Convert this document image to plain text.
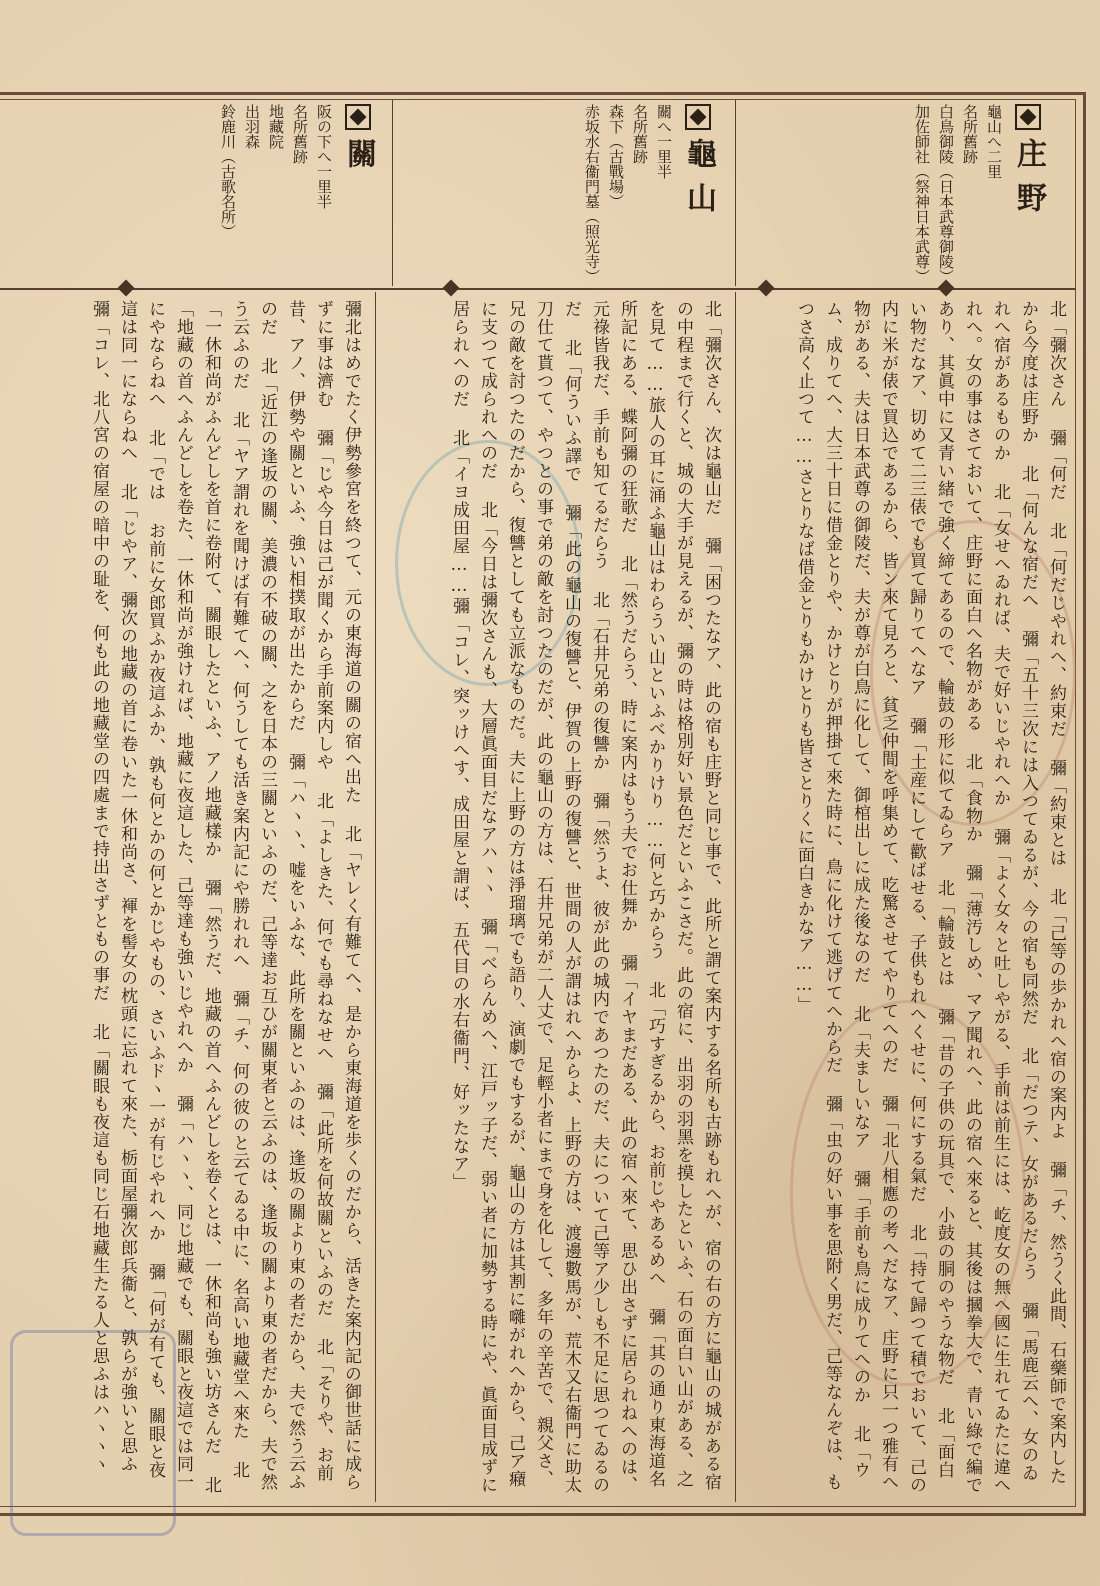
庄野
龜山へ二里
名所舊跡
白鳥御陵（日本武尊御陵）
加佐師社（祭神日本武尊）
龜山
關へ一里半
名所舊跡
森下（古戰場）
赤坂水右衞門墓（照光寺）
關
阪の下へ一里半
名所舊跡
地藏院
出羽森
鈴鹿川（古歌名所）

北「彌次さん 彌「何だ 北「何だじやれへ、約束だ 彌「約束とは 北「己等の歩かれへ宿の案内よ 彌「チ、然うく此間、石藥師で案内したから今度は庄野か 北「何んな宿だへ 彌「五十三次には入つてゐるが、今の宿も同然だ 北「だつテ、女があるだらう 彌「馬鹿云へ、女のゐれへ宿があるものか 北「女せへゐれば、夫で好いじやれへか 彌「よく女々と吐しやがる、手前は前生には、屹度女の無へ國に生れてゐたに違へれへ。女の事はさておいて、庄野に面白へ名物がある 北「食物か 彌「薄汚しめ、マア聞れへ、此の宿へ來ると、其後は摑拳大で、青い綠で編であり、其眞中に又青い緒で強く締てあるので、輪鼓の形に似てゐらア 北「輪鼓とは 彌「昔の子供の玩具で、小鼓の胴のやうな物だ 北「面白い物だなア、切めて二三俵でも買て歸りてへなア 彌「土産にして歡ばせる、子供もれへくせに、何にする氣だ 北「持て歸つて積でおいて、己の内に米が俵で買込であるから、皆ン來て見ろと、貧乏仲間を呼集めて、吃驚させてやりてへのだ 彌「北八相應の考へだなア、庄野に只一つ雅有へ物がある、夫は日本武尊の御陵だ、夫が尊が白鳥に化して、御棺出しに成た後なのだ 北「夫ましいなア 彌「手前も鳥に成りてへのか 北「ウム、成りてへ、大三十日に借金とりや、かけとりが押掛て來た時に、鳥に化けて逃げてへからだ 彌「虫の好い事を思附く男だ、己等なんぞは、もつさ高く止つて……さとりなば借金とりもかけとりも皆さとりくに面白きかなア……」

北「彌次さん、次は龜山だ 彌「困つたなア、此の宿も庄野と同じ事で、此所と謂て案内する名所も古跡もれへが、宿の右の方に龜山の城がある宿の中程まで行くと、城の大手が見えるが、彌の時は格別好い景色だといふこさだ。此の宿に、出羽の羽黑を摸したといふ、石の面白い山がある、之を見て……旅人の耳に涌ふ龜山はわらうい山といふべかりけり……何と巧からう 北「巧すぎるから、お前じやあるめへ 彌「其の通り東海道名所記にある、蝶阿彌の狂歌だ 北「然うだらう、時に案内はもう夫でお仕舞か 彌「イヤまだある、此の宿へ來て、思ひ出さずに居られねへのは、元祿皆我だ、手前も知てるだらう 北「石井兄弟の復讐か 彌「然うよ、彼が此の城内であつたのだ、夫について己等ア少しも不足に思つてゐるのだ 北「何ういふ譯で 彌「此の龜山の復讐と、伊賀の上野の復讐と、世間の人が謂はれへからよ、上野の方は、渡邊數馬が、荒木又右衞門に助太刀仕て貰つて、やつとの事で弟の敵を討つたのだが、此の龜山の方は、石井兄弟が二人丈で、足輕小者にまで身を化して、多年の辛苦で、親父さ、兄の敵を討つたのだから、復讐としても立派なものだ。夫に上野の方は淨瑠璃でも語り、演劇でもするが、龜山の方は其割に囃がれへから、己ア癪に支つて成られへのだ 北「今日は彌次さんも、大層眞面目だなアハヽヽ 彌「べらんめへ、江戸ッ子だ、弱い者に加勢する時にや、眞面目成ずに居られへのだ 北「イヨ成田屋……彌「コレ、突ッけへす、成田屋と謂ば、五代目の水右衞門、好ッたなア」

彌北はめでたく伊勢參宮を終つて、元の東海道の關の宿へ出た 北「ヤレく有難てへ、是から東海道を歩くのだから、活きた案内記の御世話に成らずに事は濟む 彌「じや今日は己が聞くから手前案内しや 北「よしきた、何でも尋ねなせへ 彌「此所を何故關といふのだ 北「そりや、お前昔、アノ、伊勢や關といふ、強い相撲取が出たからだ 彌「ハヽヽ、嘘をいふな、此所を關といふのは、逢坂の關より東の者だから、夫で然う云ふのだ 北「近江の逢坂の關、美濃の不破の關、之を日本の三關といふのだ、己等達お互ひが關東者と云ふのは、逢坂の關より東の者だから、夫で然う云ふのだ 北「ヤア謂れを聞けば有難てへ、何うしても活き案内記にや勝れれへ 彌「チ、何の彼のと云てゐる中に、名高い地藏堂へ來た 北「一休和尚がふんどしを首に卷附て、關眼したといふ、アノ地藏樣か 彌「然うだ、地藏の首へふんどしを卷くとは、一休和尚も強い坊さんだ 北「地藏の首へふんどしを卷た、一休和尚が強ければ、地藏に夜這した、己等達も強いじやれへか 彌「ハヽヽ、同じ地藏でも、關眼と夜這では同一にやならねへ 北「では お前に女郎買ふか夜這ふか、孰も何とかの何とかじやもの、さいふドヽ一が有じやれへか 彌「何が有ても、關眼と夜這は同一にならねへ 北「じやア、彌次の地藏の首に卷いた一休和尚さ、褌を髻女の枕頭に忘れて來た、栃面屋彌次郎兵衞と、孰らが強いと思ふ 彌「コレ、北八宮の宿屋の暗中の耻を、何も此の地藏堂の四處まで持出さずともの事だ 北「關眼も夜這も同じ石地藏生たる人と思ふはハヽヽヽ
